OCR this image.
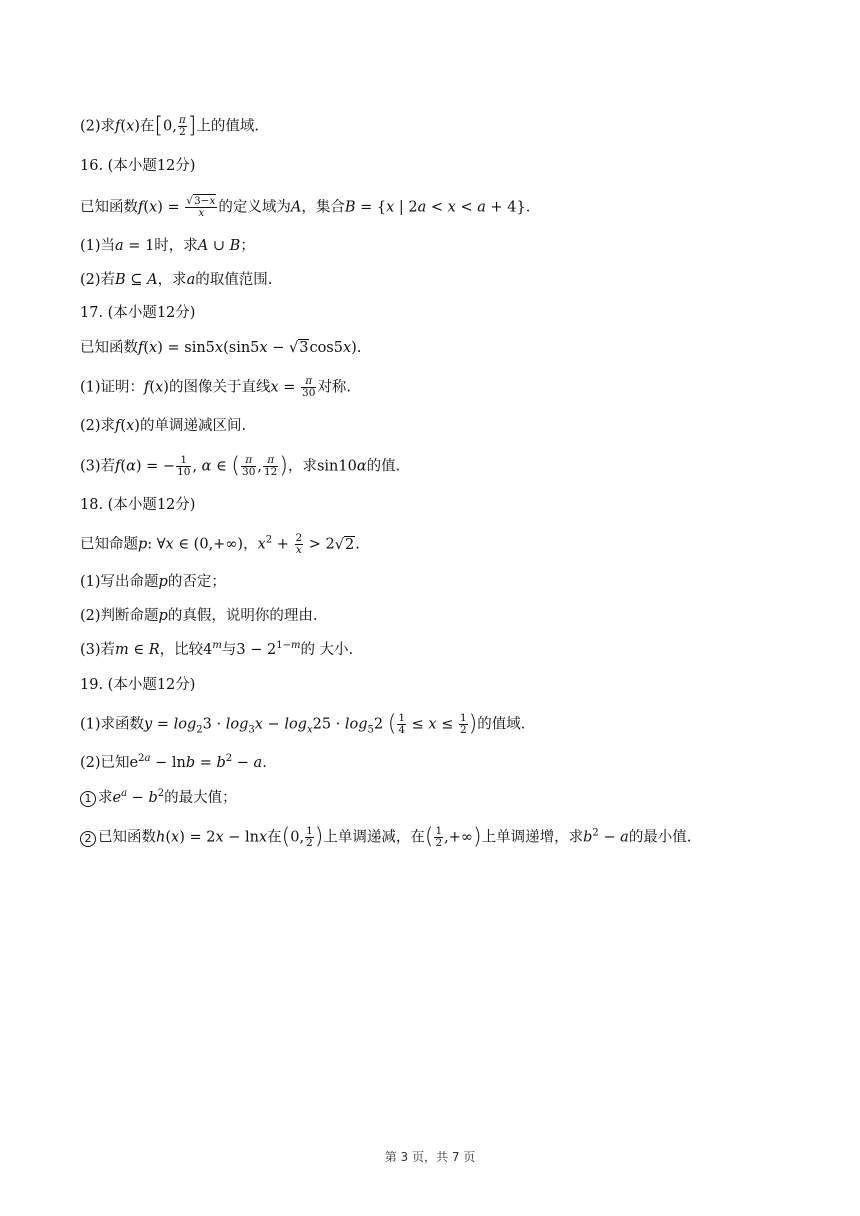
(2)求f(x)在[0, $\frac{\pi}{2}$ ]上的值域.
16. (本小题12分)
已知函数$f(x) = \frac{√3-x}{x}$ 的定义域为A，集合B = {x | 2a < x < a + 4}.
(1)当a = 1时，求A ∪ B；
(2)若B ⊆ A，求a的取值范围.
17. (本小题12分)
已知函数f(x) = sin5x(sin5x − √3cos5x).
(1)证明：f(x)的图像关于直线$x = \frac{\pi}{30}$ 对称.
(2)求f(x)的单调递减区间.
(3)若f(α) = − $\frac{1}{10}$ , α ∈ ( $\frac{\pi}{30}$ , $\frac{\pi}{12}$ )，求sin10α的值.
18. (本小题12分)
已知命题p: ∀x ∈ (0,+∞)，$x^2 + \frac{2}{x} > 2√2$.
(1)写出命题p的否定；
(2)判断命题p的真假，说明你的理由.
(3)若m ∈ R，比较4$^m$与$3 - 2^{1-m}$的 大小.
19. (本小题12分)
(1)求函数$y = \log_23 \cdot \log_3x - \log_x25 \cdot \log_52$ ( $\frac{1}{4} \le x \le \frac{1}{2}$ )的值域.
(2)已知$e^{2a} - \ln b = b^2 - a$.
1 求$e^a - b^2$的最大值；
2 已知函数h(x) = 2x − lnx在(0, $\frac{1}{2}$ )上单调递减，在( $\frac{1}{2}$ ,+∞)上单调递增，求$b^2 - a$的最小值.
第 3 页，共 7 页
